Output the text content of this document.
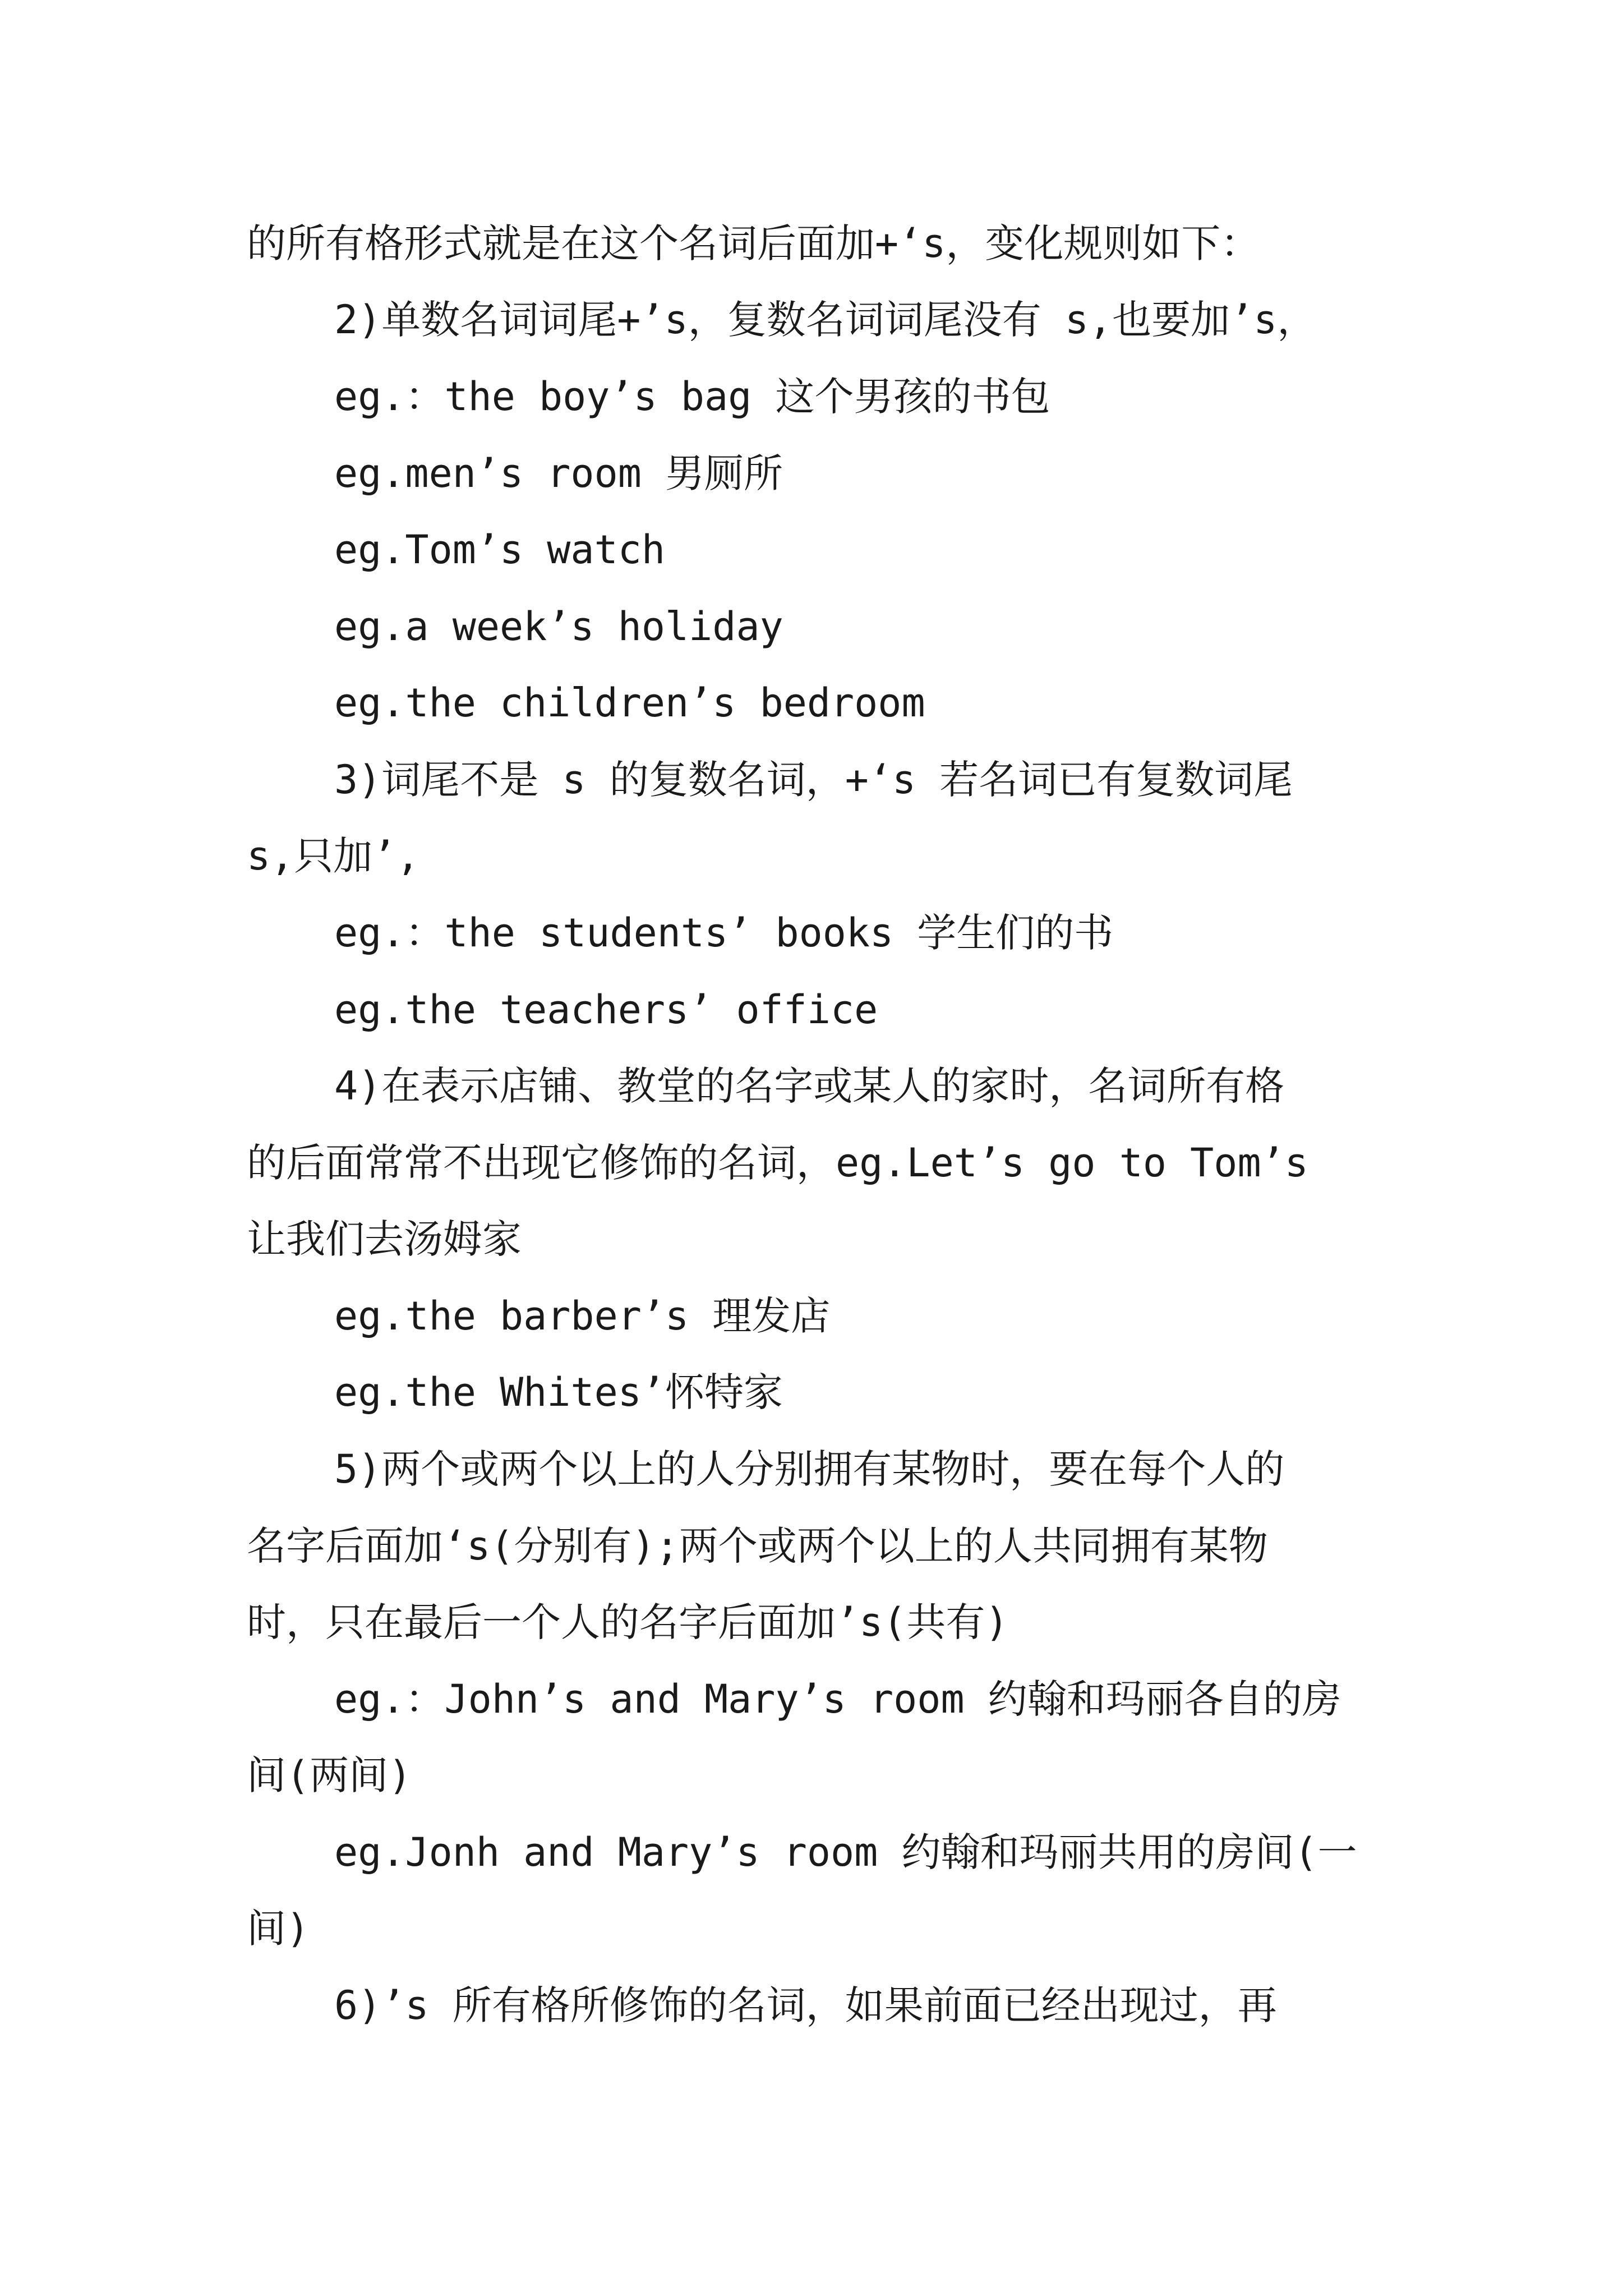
的所有格形式就是在这个名词后面加+‘s，变化规则如下：
2)单数名词词尾+’s，复数名词词尾没有 s,也要加’s，
eg.：the boy’s bag 这个男孩的书包
eg.men’s room 男厕所
eg.Tom’s watch
eg.a week’s holiday
eg.the children’s bedroom
3)词尾不是 s 的复数名词，+‘s 若名词已有复数词尾
s,只加’,
eg.：the students’ books 学生们的书
eg.the teachers’ office
4)在表示店铺、教堂的名字或某人的家时，名词所有格
的后面常常不出现它修饰的名词，eg.Let’s go to Tom’s
让我们去汤姆家
eg.the barber’s 理发店
eg.the Whites’怀特家
5)两个或两个以上的人分别拥有某物时，要在每个人的
名字后面加‘s(分别有);两个或两个以上的人共同拥有某物
时，只在最后一个人的名字后面加’s(共有)
eg.：John’s and Mary’s room 约翰和玛丽各自的房
间(两间)
eg.Jonh and Mary’s room 约翰和玛丽共用的房间(一
间)
6)’s 所有格所修饰的名词，如果前面已经出现过，再
